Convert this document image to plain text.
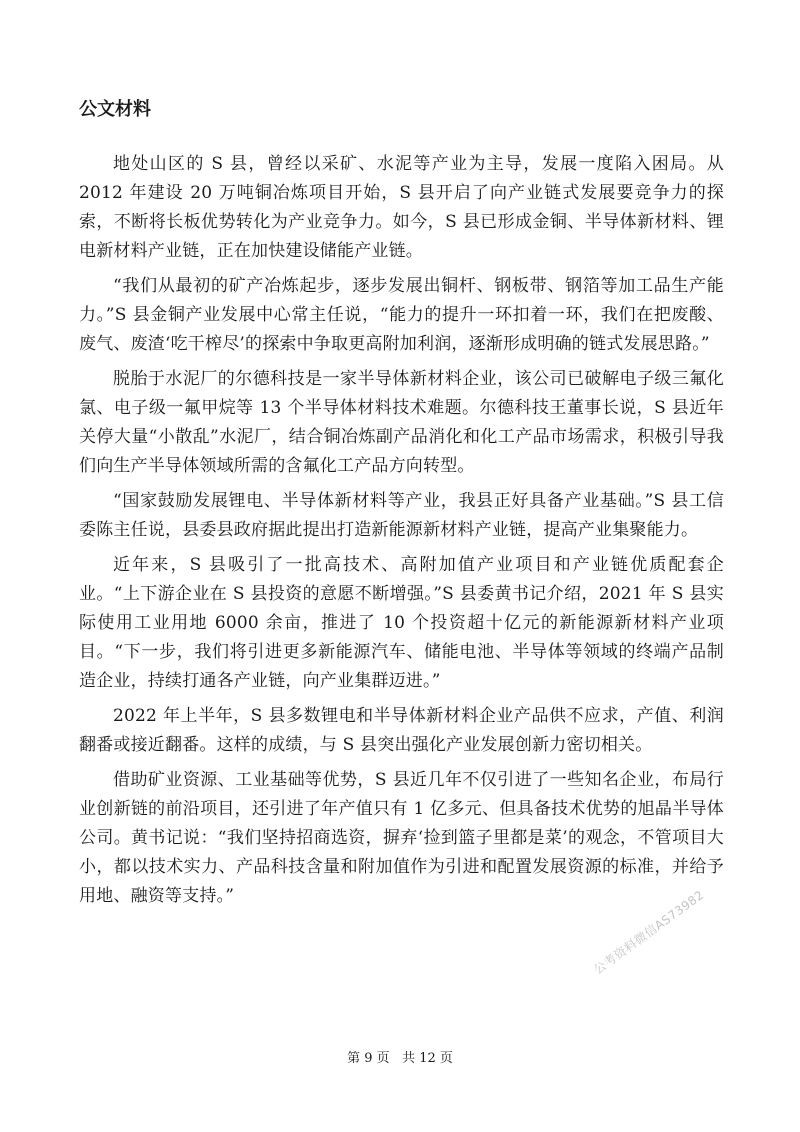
公文材料

地处山区的 S 县，曾经以采矿、水泥等产业为主导，发展一度陷入困局。从 2012 年建设 20 万吨铜冶炼项目开始，S 县开启了向产业链式发展要竞争力的探索，不断将长板优势转化为产业竞争力。如今，S 县已形成金铜、半导体新材料、锂电新材料产业链，正在加快建设储能产业链。

“我们从最初的矿产冶炼起步，逐步发展出铜杆、钢板带、钢箔等加工品生产能力。”S 县金铜产业发展中心常主任说，“能力的提升一环扣着一环，我们在把废酸、废气、废渣‘吃干榨尽’的探索中争取更高附加利润，逐渐形成明确的链式发展思路。”

脱胎于水泥厂的尔德科技是一家半导体新材料企业，该公司已破解电子级三氟化氯、电子级一氟甲烷等 13 个半导体材料技术难题。尔德科技王董事长说，S 县近年关停大量“小散乱”水泥厂，结合铜冶炼副产品消化和化工产品市场需求，积极引导我们向生产半导体领域所需的含氟化工产品方向转型。

“国家鼓励发展锂电、半导体新材料等产业，我县正好具备产业基础。”S 县工信委陈主任说，县委县政府据此提出打造新能源新材料产业链，提高产业集聚能力。

近年来，S 县吸引了一批高技术、高附加值产业项目和产业链优质配套企业。“上下游企业在 S 县投资的意愿不断增强。”S 县委黄书记介绍，2021 年 S 县实际使用工业用地 6000 余亩，推进了 10 个投资超十亿元的新能源新材料产业项目。“下一步，我们将引进更多新能源汽车、储能电池、半导体等领域的终端产品制造企业，持续打通各产业链，向产业集群迈进。”

2022 年上半年，S 县多数锂电和半导体新材料企业产品供不应求，产值、利润翻番或接近翻番。这样的成绩，与 S 县突出强化产业发展创新力密切相关。

借助矿业资源、工业基础等优势，S 县近几年不仅引进了一些知名企业，布局行业创新链的前沿项目，还引进了年产值只有 1 亿多元、但具备技术优势的旭晶半导体公司。黄书记说：“我们坚持招商选资，摒弃‘捡到篮子里都是菜’的观念，不管项目大小，都以技术实力、产品科技含量和附加值作为引进和配置发展资源的标准，并给予用地、融资等支持。”	公考资料微信AS73982
第 9 页   共 12 页
